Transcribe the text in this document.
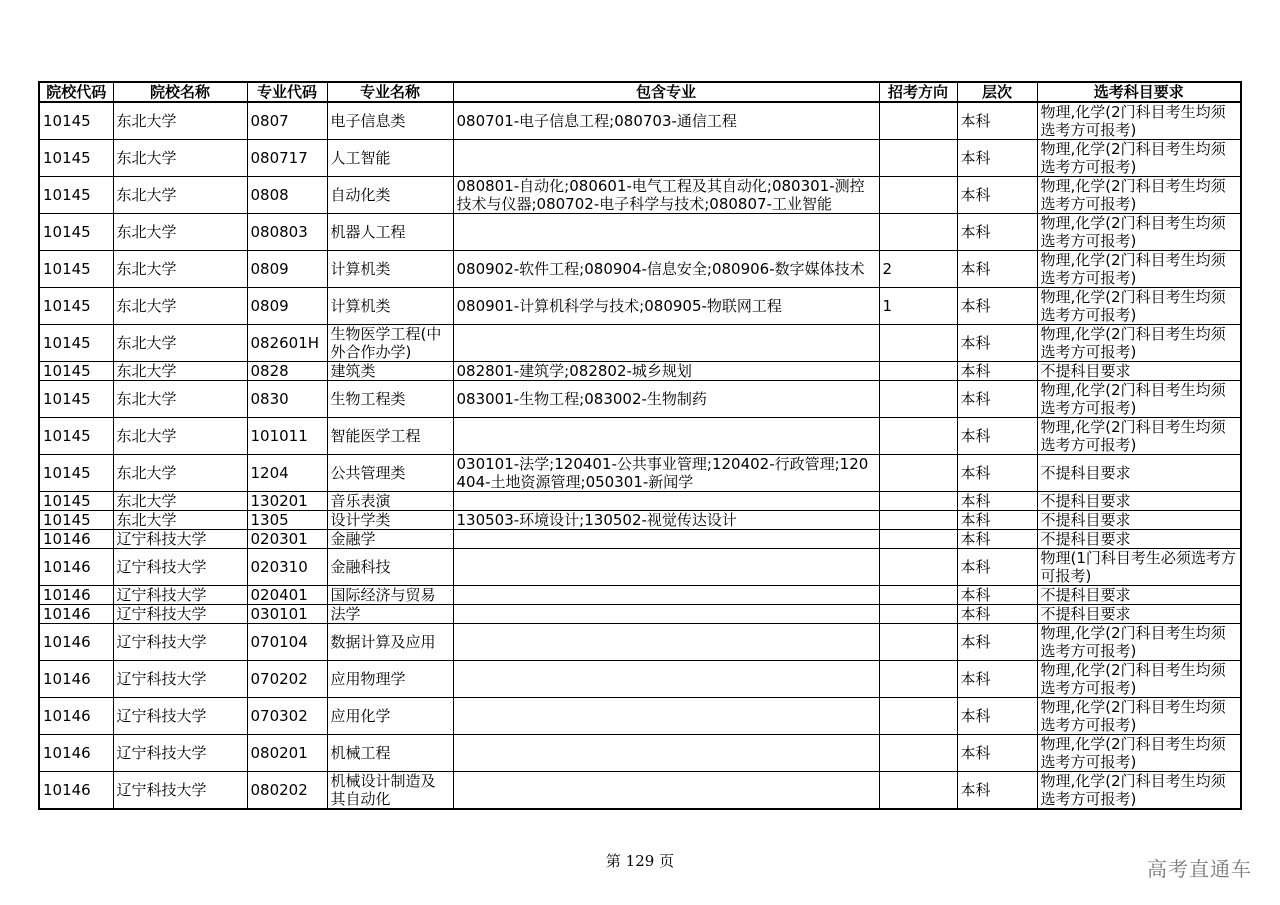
院校代码	院校名称	专业代码	专业名称	包含专业	招考方向	层次	选考科目要求
10145	东北大学	0807	电子信息类	080701-电子信息工程;080703-通信工程		本科	物理,化学(2门科目考生均须选考方可报考)
10145	东北大学	080717	人工智能			本科	物理,化学(2门科目考生均须选考方可报考)
10145	东北大学	0808	自动化类	080801-自动化;080601-电气工程及其自动化;080301-测控技术与仪器;080702-电子科学与技术;080807-工业智能		本科	物理,化学(2门科目考生均须选考方可报考)
10145	东北大学	080803	机器人工程			本科	物理,化学(2门科目考生均须选考方可报考)
10145	东北大学	0809	计算机类	080902-软件工程;080904-信息安全;080906-数字媒体技术	2	本科	物理,化学(2门科目考生均须选考方可报考)
10145	东北大学	0809	计算机类	080901-计算机科学与技术;080905-物联网工程	1	本科	物理,化学(2门科目考生均须选考方可报考)
10145	东北大学	082601H	生物医学工程(中外合作办学)			本科	物理,化学(2门科目考生均须选考方可报考)
10145	东北大学	0828	建筑类	082801-建筑学;082802-城乡规划		本科	不提科目要求
10145	东北大学	0830	生物工程类	083001-生物工程;083002-生物制药		本科	物理,化学(2门科目考生均须选考方可报考)
10145	东北大学	101011	智能医学工程			本科	物理,化学(2门科目考生均须选考方可报考)
10145	东北大学	1204	公共管理类	030101-法学;120401-公共事业管理;120402-行政管理;120404-土地资源管理;050301-新闻学		本科	不提科目要求
10145	东北大学	130201	音乐表演			本科	不提科目要求
10145	东北大学	1305	设计学类	130503-环境设计;130502-视觉传达设计		本科	不提科目要求
10146	辽宁科技大学	020301	金融学			本科	不提科目要求
10146	辽宁科技大学	020310	金融科技			本科	物理(1门科目考生必须选考方可报考)
10146	辽宁科技大学	020401	国际经济与贸易			本科	不提科目要求
10146	辽宁科技大学	030101	法学			本科	不提科目要求
10146	辽宁科技大学	070104	数据计算及应用			本科	物理,化学(2门科目考生均须选考方可报考)
10146	辽宁科技大学	070202	应用物理学			本科	物理,化学(2门科目考生均须选考方可报考)
10146	辽宁科技大学	070302	应用化学			本科	物理,化学(2门科目考生均须选考方可报考)
10146	辽宁科技大学	080201	机械工程			本科	物理,化学(2门科目考生均须选考方可报考)
10146	辽宁科技大学	080202	机械设计制造及其自动化			本科	物理,化学(2门科目考生均须选考方可报考)
第 129 页	高考直通车
